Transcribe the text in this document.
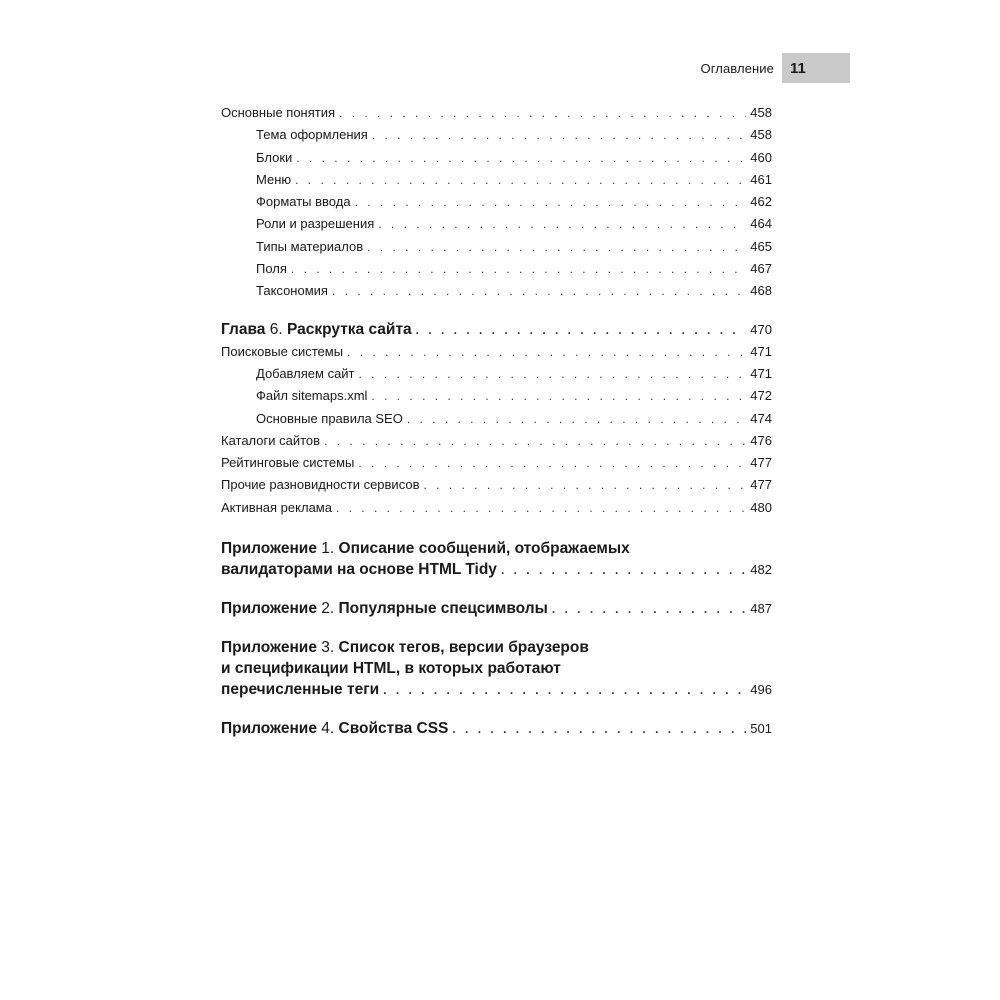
Оглавление	11
Основные понятия . . .	458
Тема оформления . . .	458
Блоки . . .	460
Меню . . .	461
Форматы ввода . . .	462
Роли и разрешения . . .	464
Типы материалов . . .	465
Поля . . .	467
Таксономия . . .	468
Глава 6. Раскрутка сайта . . .	470
Поисковые системы . . .	471
Добавляем сайт . . .	471
Файл sitemaps.xml . . .	472
Основные правила SEO . . .	474
Каталоги сайтов . . .	476
Рейтинговые системы . . .	477
Прочие разновидности сервисов . . .	477
Активная реклама . . .	480
Приложение 1. Описание сообщений, отображаемых
валидаторами на основе HTML Tidy . . .	482
Приложение 2. Популярные спецсимволы . . .	487
Приложение 3. Список тегов, версии браузеров
и спецификации HTML, в которых работают
перечисленные теги . . .	496
Приложение 4. Свойства CSS . . .	501
